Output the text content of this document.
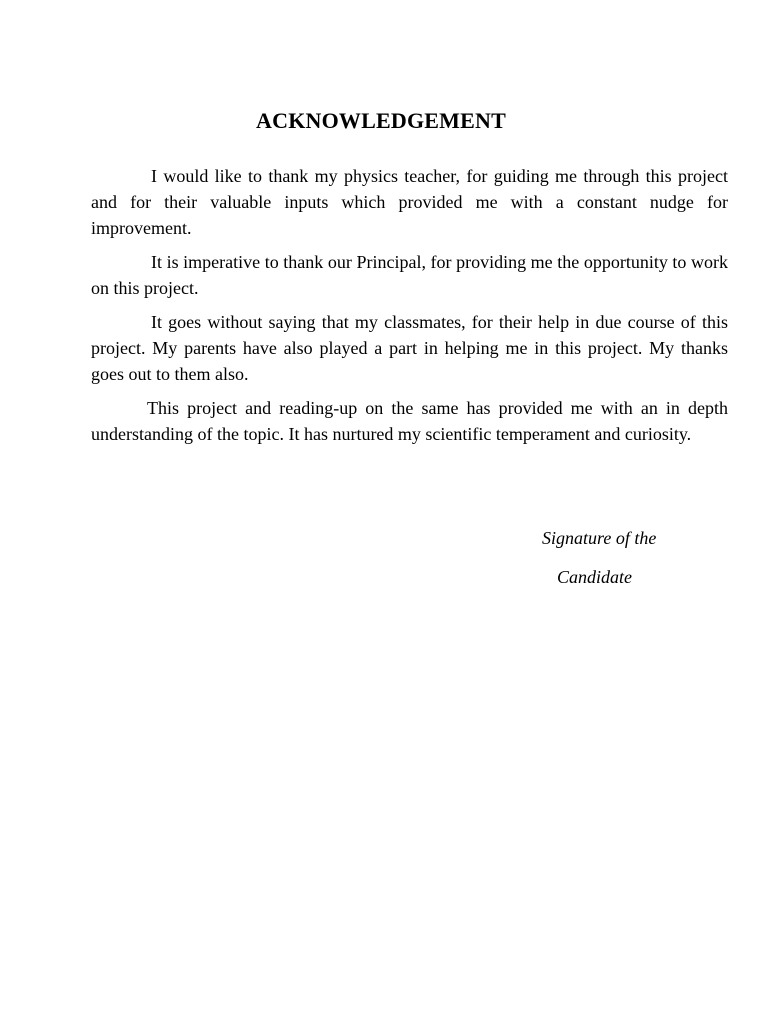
ACKNOWLEDGEMENT

I would like to thank my physics teacher, for guiding me through this project and for their valuable inputs which provided me with a constant nudge for improvement.

It is imperative to thank our Principal, for providing me the opportunity to work on this project.

It goes without saying that my classmates, for their help in due course of this project. My parents have also played a part in helping me in this project. My thanks goes out to them also.

This project and reading-up on the same has provided me with an in depth understanding of the topic. It has nurtured my scientific temperament and curiosity.

Signature of the
Candidate
